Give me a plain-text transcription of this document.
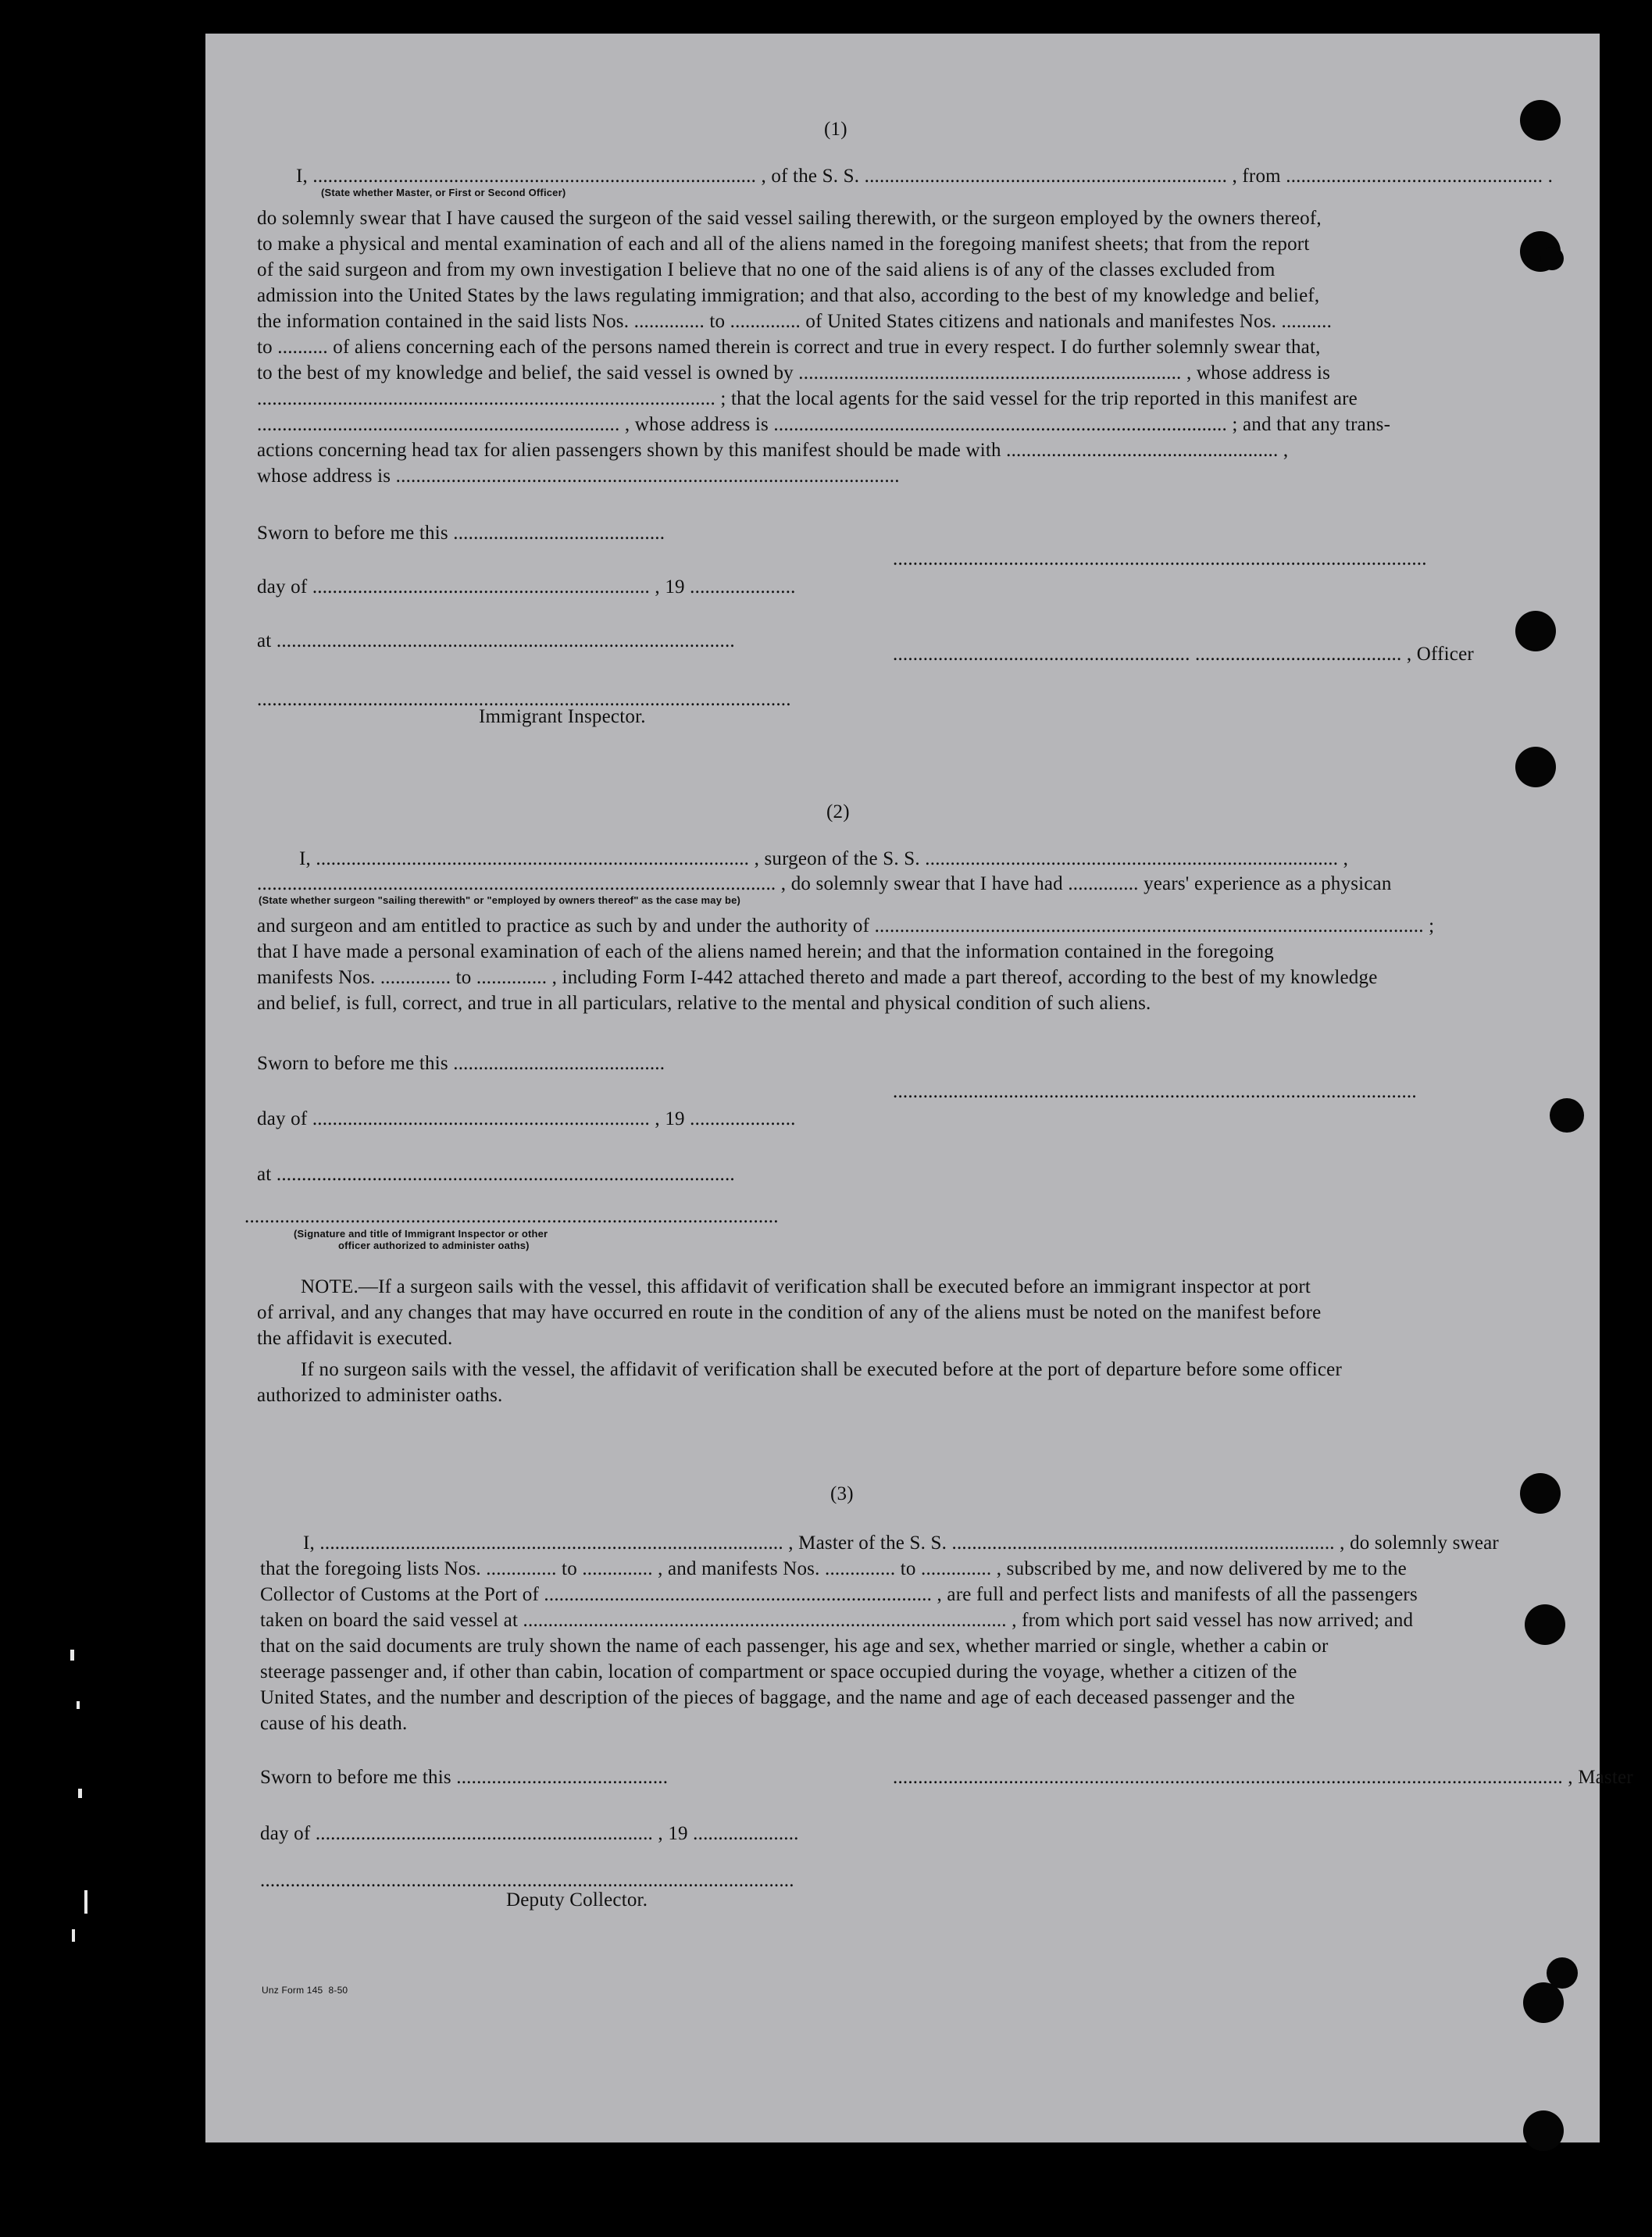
(1)
I, ........................................................................................ , of the S. S. ........................................................................ , from ................................................... .
(State whether Master, or First or Second Officer)
do solemnly swear that I have caused the surgeon of the said vessel sailing therewith, or the surgeon employed by the owners thereof,
to make a physical and mental examination of each and all of the aliens named in the foregoing manifest sheets; that from the report
of the said surgeon and from my own investigation I believe that no one of the said aliens is of any of the classes excluded from
admission into the United States by the laws regulating immigration; and that also, according to the best of my knowledge and belief,
the information contained in the said lists Nos. .............. to .............. of United States citizens and nationals and manifestes Nos. ..........
to .......... of aliens concerning each of the persons named therein is correct and true in every respect. I do further solemnly swear that,
to the best of my knowledge and belief, the said vessel is owned by ............................................................................ , whose address is
........................................................................................... ; that the local agents for the said vessel for the trip reported in this manifest are
........................................................................ , whose address is .......................................................................................... ; and that any trans-
actions concerning head tax for alien passengers shown by this manifest should be made with ...................................................... ,
whose address is ....................................................................................................
Sworn to before me this ..........................................
..........................................................................................................
day of ................................................................... , 19 .....................
at ...........................................................................................
........................................................... ......................................... , Officer
..........................................................................................................
Immigrant Inspector.
(2)
I, ...................................................................................... , surgeon of the S. S. .................................................................................. ,
....................................................................................................... , do solemnly swear that I have had .............. years' experience as a physican
(State whether surgeon "sailing therewith" or "employed by owners thereof" as the case may be)
and surgeon and am entitled to practice as such by and under the authority of ............................................................................................................. ;
that I have made a personal examination of each of the aliens named herein; and that the information contained in the foregoing
manifests Nos. .............. to .............. , including Form I-442 attached thereto and made a part thereof, according to the best of my knowledge
and belief, is full, correct, and true in all particulars, relative to the mental and physical condition of such aliens.
Sworn to before me this ..........................................
........................................................................................................
day of ................................................................... , 19 .....................
at ...........................................................................................
..........................................................................................................
(Signature and title of Immigrant Inspector or other
officer authorized to administer oaths)
NOTE.—If a surgeon sails with the vessel, this affidavit of verification shall be executed before an immigrant inspector at port
of arrival, and any changes that may have occurred en route in the condition of any of the aliens must be noted on the manifest before
the affidavit is executed.
If no surgeon sails with the vessel, the affidavit of verification shall be executed before at the port of departure before some officer
authorized to administer oaths.
(3)
I, ............................................................................................ , Master of the S. S. ............................................................................ , do solemnly swear
that the foregoing lists Nos. .............. to .............. , and manifests Nos. .............. to .............. , subscribed by me, and now delivered by me to the
Collector of Customs at the Port of ............................................................................. , are full and perfect lists and manifests of all the passengers
taken on board the said vessel at ................................................................................................ , from which port said vessel has now arrived; and
that on the said documents are truly shown the name of each passenger, his age and sex, whether married or single, whether a cabin or
steerage passenger and, if other than cabin, location of compartment or space occupied during the voyage, whether a citizen of the
United States, and the number and description of the pieces of baggage, and the name and age of each deceased passenger and the
cause of his death.
Sworn to before me this ..........................................	..................................................................................................................................... , Master
day of ................................................................... , 19 .....................
..........................................................................................................
Deputy Collector.
Unz Form 145  8-50
